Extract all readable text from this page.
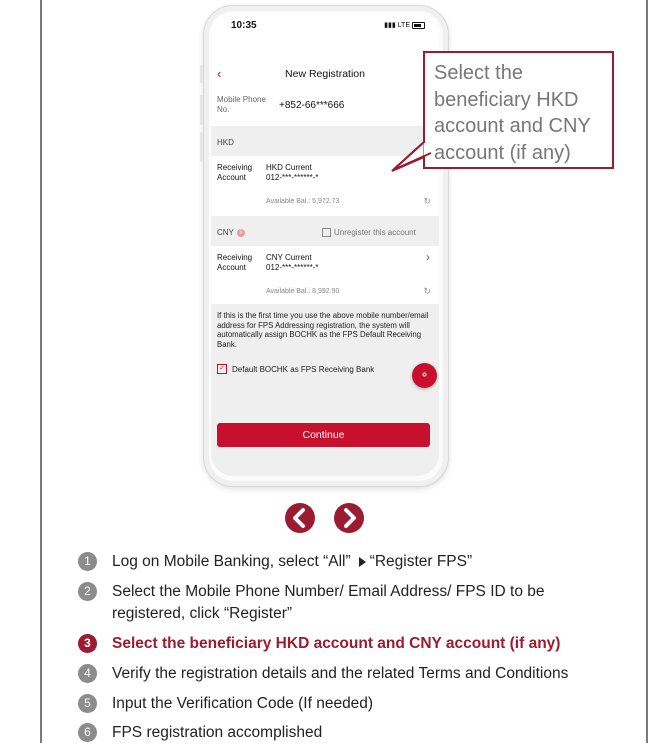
10:35	▮▮▮ LTE
‹	New Registration
Mobile Phone
No.	+852-66***666
HKD
Receiving
Account
HKD Current
012-***-******-*
Available Bal.: 5,972.73	↻
CNY i	Unregister this account
Receiving
Account
CNY Current
012-***-******-*
›
Available Bal.: 8,992.90	↻
If this is the first time you use the above mobile number/email address for FPS Addressing registration, the system will automatically assign BOCHK as the FPS Default Receiving Bank.
✓ Default BOCHK as FPS Receiving Bank	⚬
Continue
Select the beneficiary HKD account and CNY account (if any)
1	Log on Mobile Banking, select “All” “Register FPS”
2	Select the Mobile Phone Number/ Email Address/ FPS ID to be
registered, click “Register”
3	Select the beneficiary HKD account and CNY account (if any)
4	Verify the registration details and the related Terms and Conditions
5	Input the Verification Code (If needed)
6	FPS registration accomplished
